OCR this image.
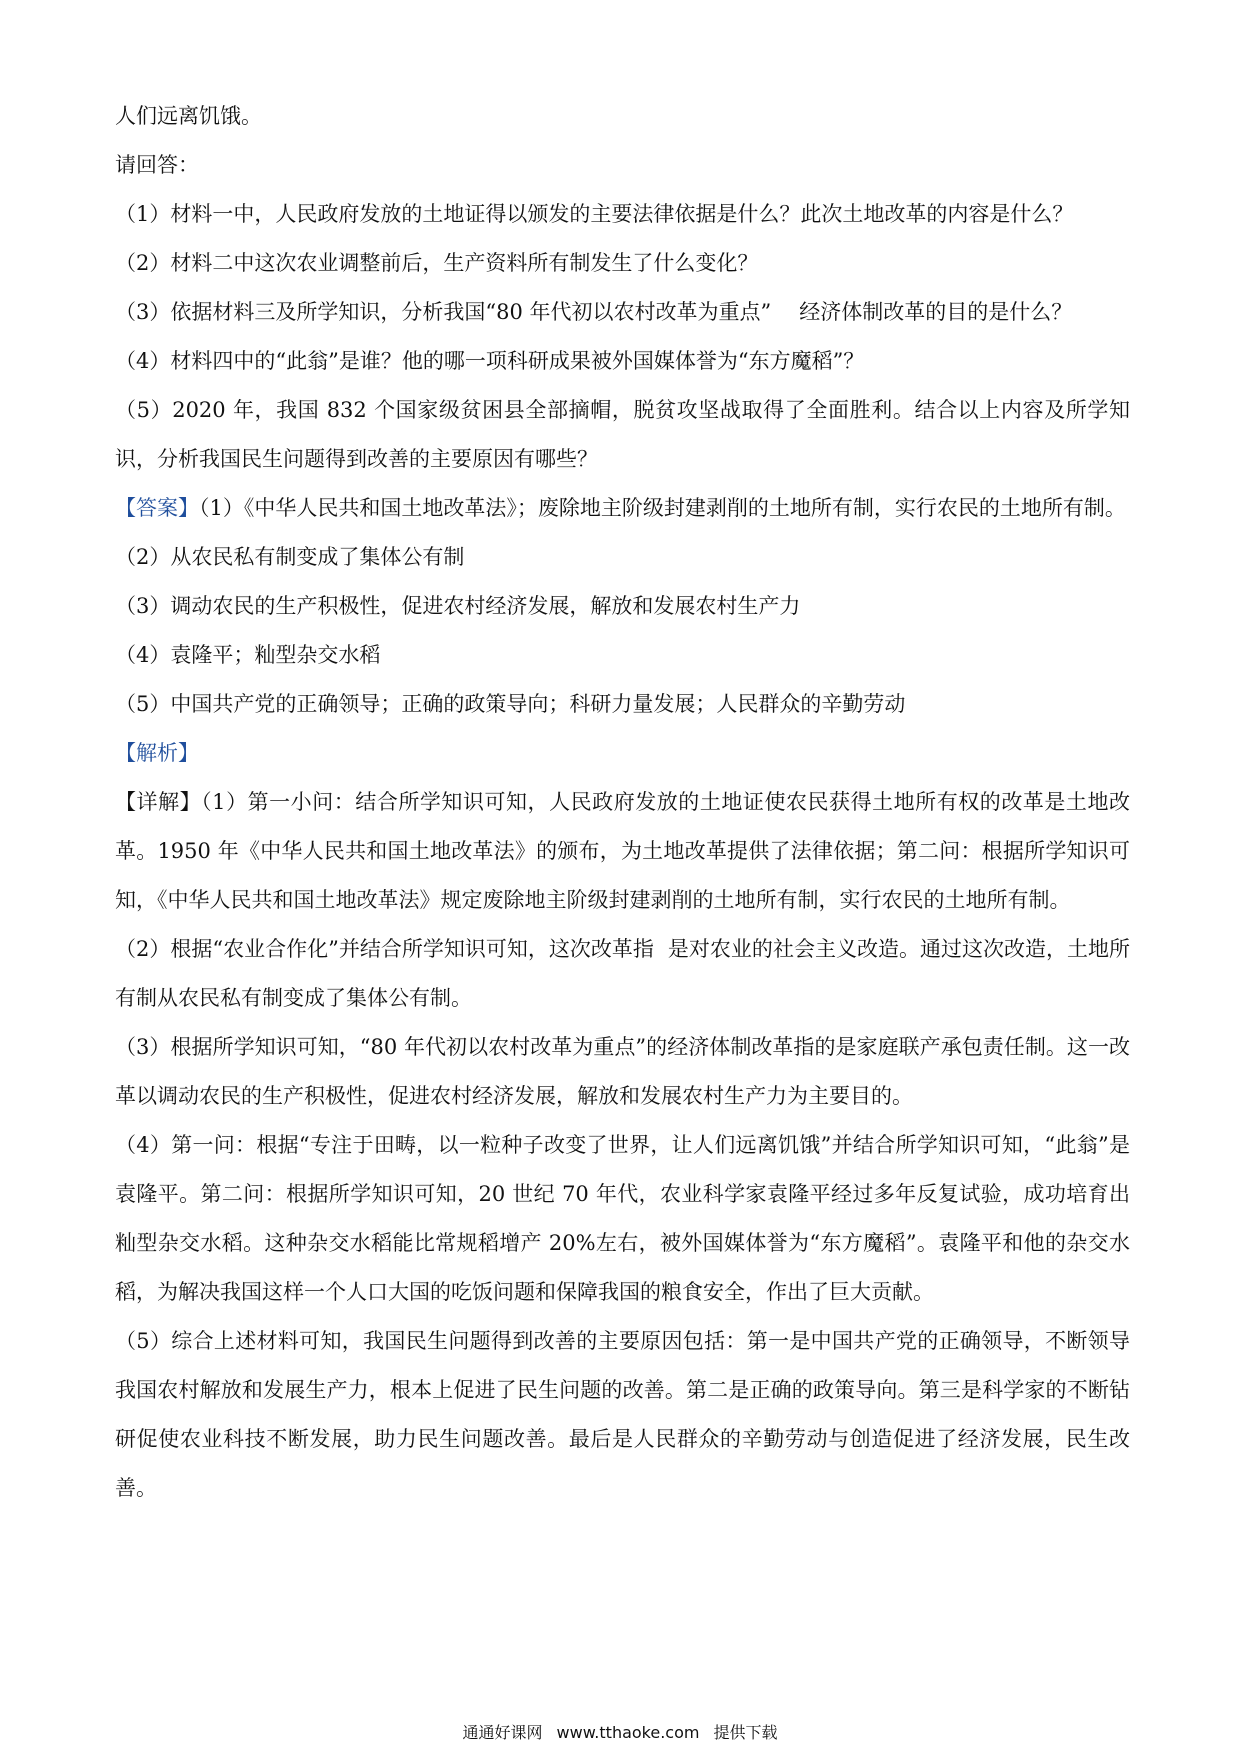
人们远离饥饿。
请回答：
（1）材料一中，人民政府发放的土地证得以颁发的主要法律依据是什么？此次土地改革的内容是什么？
（2）材料二中这次农业调整前后，生产资料所有制发生了什么变化？
（3）依据材料三及所学知识，分析我国“80 年代初以农村改革为重点” 经济体制改革的目的是什么？
（4）材料四中的“此翁”是谁？他的哪一项科研成果被外国媒体誉为“东方魔稻”？
（5）2020 年，我国 832 个国家级贫困县全部摘帽，脱贫攻坚战取得了全面胜利。结合以上内容及所学知识，分析我国民生问题得到改善的主要原因有哪些？
【答案】（1）《中华人民共和国土地改革法》；废除地主阶级封建剥削的土地所有制，实行农民的土地所有制。
（2）从农民私有制变成了集体公有制
（3）调动农民的生产积极性，促进农村经济发展，解放和发展农村生产力
（4）袁隆平；籼型杂交水稻
（5）中国共产党的正确领导；正确的政策导向；科研力量发展；人民群众的辛勤劳动
【解析】
【详解】（1）第一小问：结合所学知识可知，人民政府发放的土地证使农民获得土地所有权的改革是土地改革。1950 年《中华人民共和国土地改革法》的颁布，为土地改革提供了法律依据；第二问：根据所学知识可知，《中华人民共和国土地改革法》规定废除地主阶级封建剥削的土地所有制，实行农民的土地所有制。
（2）根据“农业合作化”并结合所学知识可知，这次改革指 是对农业的社会主义改造。通过这次改造，土地所有制从农民私有制变成了集体公有制。
（3）根据所学知识可知，“80 年代初以农村改革为重点”的经济体制改革指的是家庭联产承包责任制。这一改革以调动农民的生产积极性，促进农村经济发展，解放和发展农村生产力为主要目的。
（4）第一问：根据“专注于田畴，以一粒种子改变了世界，让人们远离饥饿”并结合所学知识可知，“此翁”是袁隆平。第二问：根据所学知识可知，20 世纪 70 年代，农业科学家袁隆平经过多年反复试验，成功培育出籼型杂交水稻。这种杂交水稻能比常规稻增产 20%左右，被外国媒体誉为“东方魔稻”。袁隆平和他的杂交水稻，为解决我国这样一个人口大国的吃饭问题和保障我国的粮食安全，作出了巨大贡献。
（5）综合上述材料可知，我国民生问题得到改善的主要原因包括：第一是中国共产党的正确领导，不断领导我国农村解放和发展生产力，根本上促进了民生问题的改善。第二是正确的政策导向。第三是科学家的不断钻研促使农业科技不断发展，助力民生问题改善。最后是人民群众的辛勤劳动与创造促进了经济发展，民生改善。
通通好课网 www.tthaoke.com 提供下载
